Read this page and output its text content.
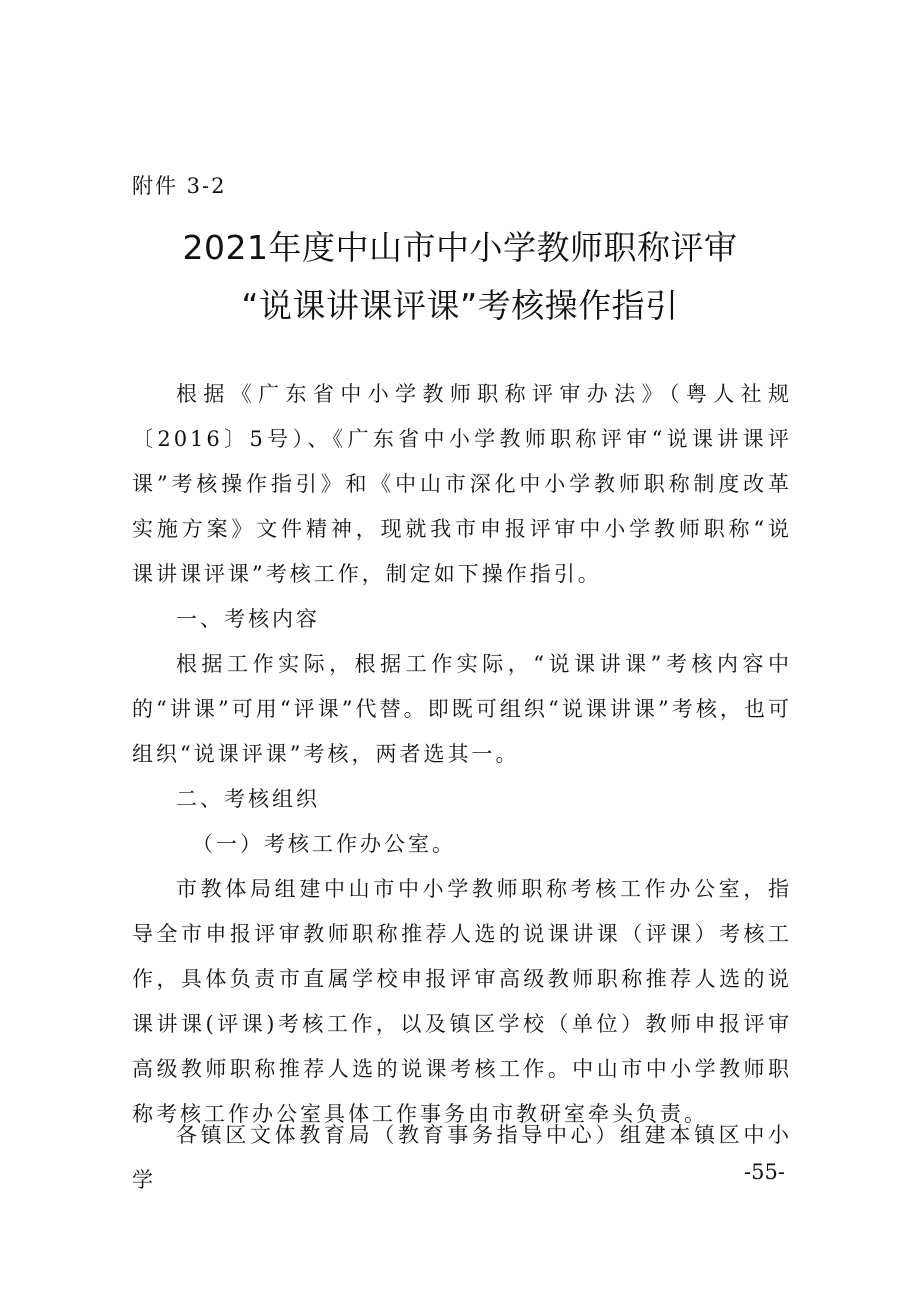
附件 3-2
2021年度中山市中小学教师职称评审
“说课讲课评课”考核操作指引

根据《广东省中小学教师职称评审办法》（粤人社规〔2016〕5号）、《广东省中小学教师职称评审“说课讲课评课”考核操作指引》和《中山市深化中小学教师职称制度改革实施方案》文件精神，现就我市申报评审中小学教师职称“说课讲课评课”考核工作，制定如下操作指引。

一、考核内容

根据工作实际，根据工作实际，“说课讲课”考核内容中的“讲课”可用“评课”代替。即既可组织“说课讲课”考核，也可组织“说课评课”考核，两者选其一。

二、考核组织

（一）考核工作办公室。

市教体局组建中山市中小学教师职称考核工作办公室，指导全市申报评审教师职称推荐人选的说课讲课（评课）考核工作，具体负责市直属学校申报评审高级教师职称推荐人选的说课讲课(评课)考核工作，以及镇区学校（单位）教师申报评审高级教师职称推荐人选的说课考核工作。中山市中小学教师职称考核工作办公室具体工作事务由市教研室牵头负责。

各镇区文体教育局（教育事务指导中心）组建本镇区中小学	-55-
